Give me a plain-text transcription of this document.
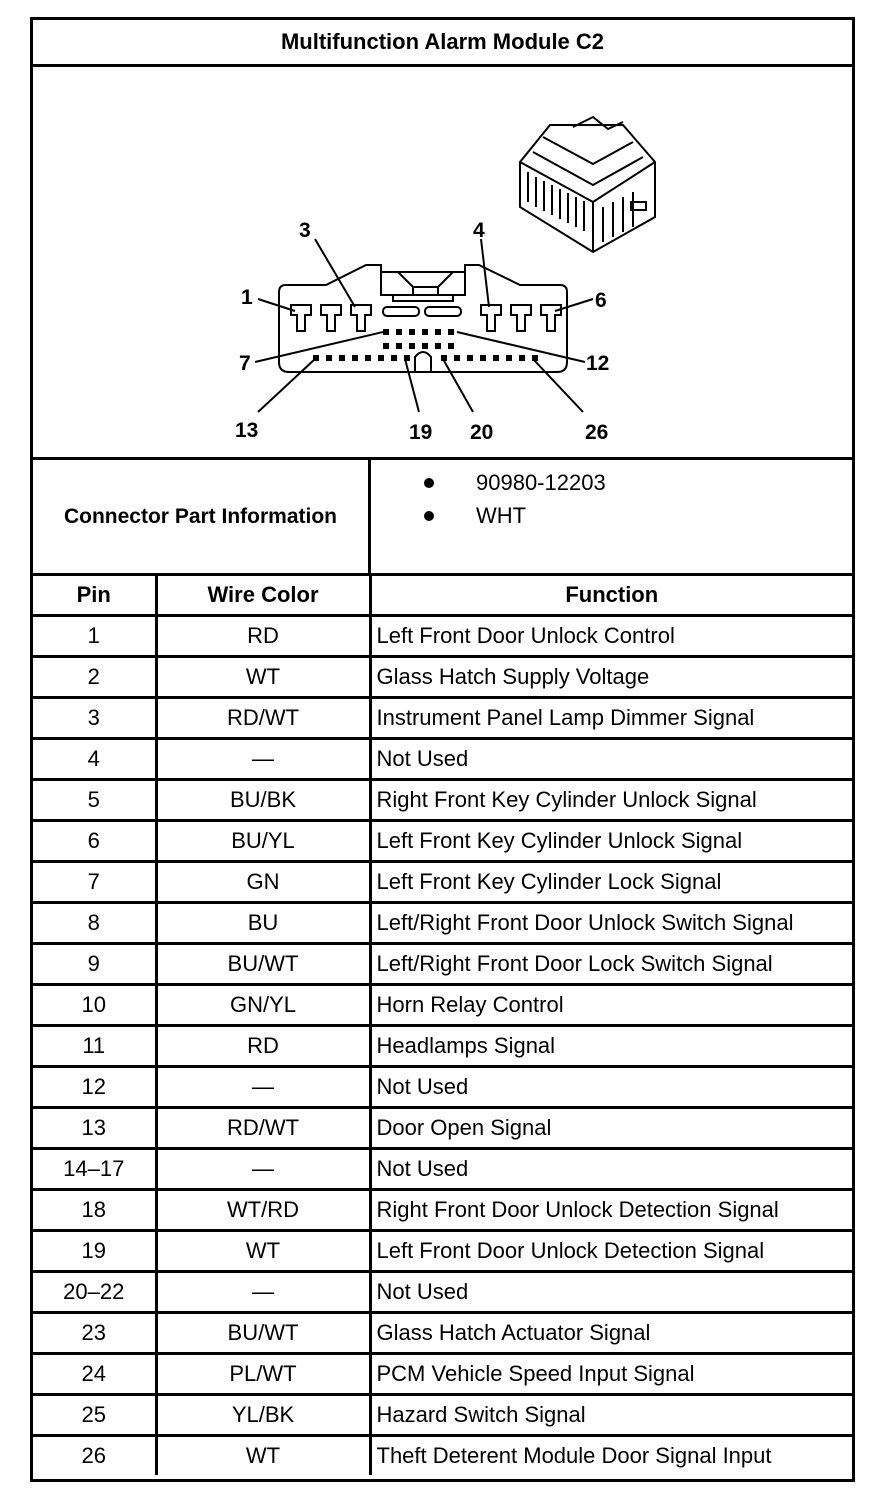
Multifunction Alarm Module C2
1
3	4
6
7	12
13	19 20	26
Connector Part Information
90980-12203
WHT
Pin	Wire Color	Function
1	RD	Left Front Door Unlock Control
2	WT	Glass Hatch Supply Voltage
3	RD/WT	Instrument Panel Lamp Dimmer Signal
4	—	Not Used
5	BU/BK	Right Front Key Cylinder Unlock Signal
6	BU/YL	Left Front Key Cylinder Unlock Signal
7	GN	Left Front Key Cylinder Lock Signal
8	BU	Left/Right Front Door Unlock Switch Signal
9	BU/WT	Left/Right Front Door Lock Switch Signal
10	GN/YL	Horn Relay Control
11	RD	Headlamps Signal
12	—	Not Used
13	RD/WT	Door Open Signal
14–17	—	Not Used
18	WT/RD	Right Front Door Unlock Detection Signal
19	WT	Left Front Door Unlock Detection Signal
20–22	—	Not Used
23	BU/WT	Glass Hatch Actuator Signal
24	PL/WT	PCM Vehicle Speed Input Signal
25	YL/BK	Hazard Switch Signal
26	WT	Theft Deterent Module Door Signal Input
